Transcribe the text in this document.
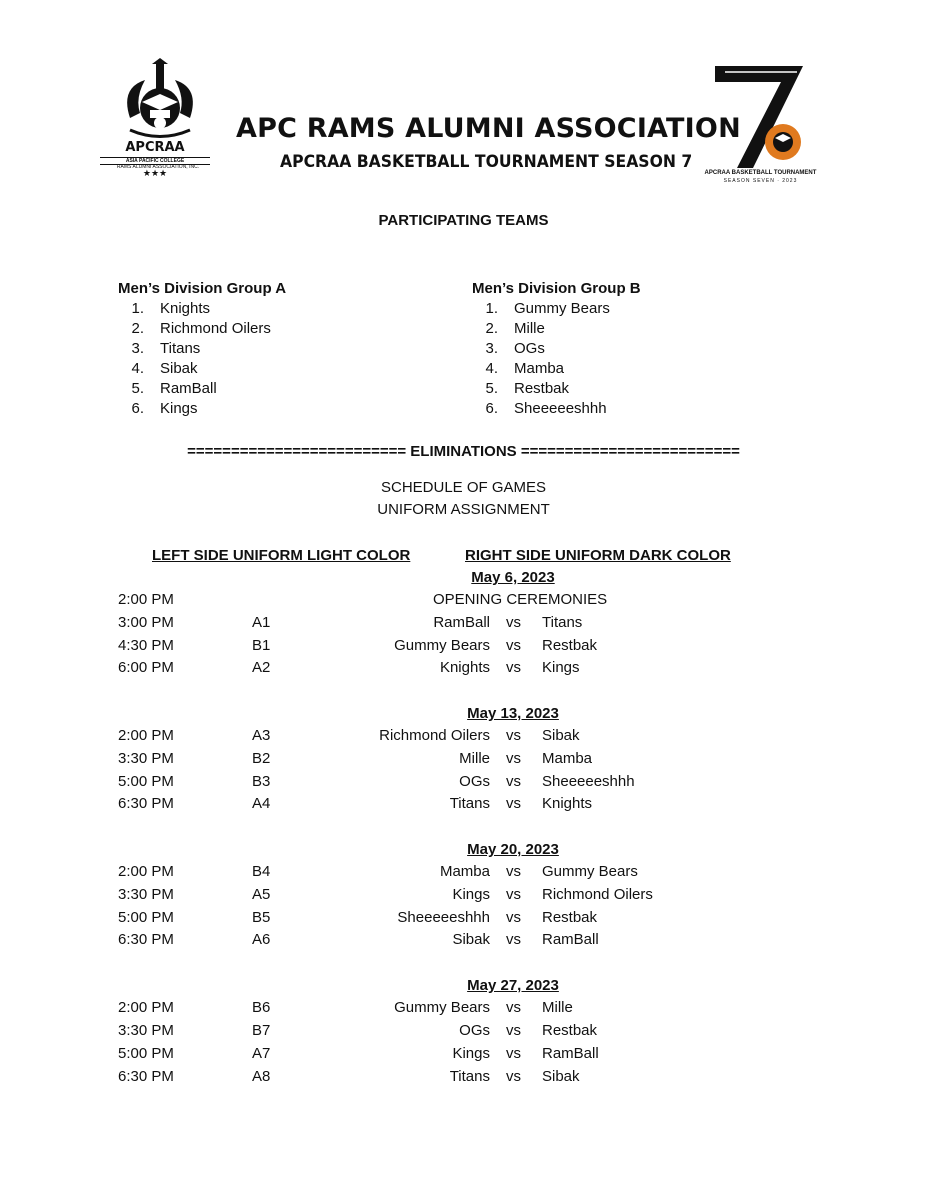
APCRAA
ASIA PACIFIC COLLEGE
RAMS ALUMNI ASSOCIATION, INC.
★★★
APC RAMS ALUMNI ASSOCIATION
APCRAA BASKETBALL TOURNAMENT SEASON 7
APCRAA BASKETBALL TOURNAMENT
SEASON SEVEN · 2023
PARTICIPATING TEAMS
Men’s Division Group A
1. Knights
2. Richmond Oilers
3. Titans
4. Sibak
5. RamBall
6. Kings
Men’s Division Group B
1. Gummy Bears
2. Mille
3. OGs
4. Mamba
5. Restbak
6. Sheeeeeshhh
========================= ELIMINATIONS =========================
SCHEDULE OF GAMES
UNIFORM ASSIGNMENT
LEFT SIDE UNIFORM LIGHT COLOR	RIGHT SIDE UNIFORM DARK COLOR
May 6, 2023
2:00 PM	OPENING CEREMONIES
3:00 PM	A1	RamBall vs Titans
4:30 PM	B1	Gummy Bears vs Restbak
6:00 PM	A2	Knights vs Kings
May 13, 2023
2:00 PM	A3	Richmond Oilers vs Sibak
3:30 PM	B2	Mille vs Mamba
5:00 PM	B3	OGs vs Sheeeeeshhh
6:30 PM	A4	Titans vs Knights
May 20, 2023
2:00 PM	B4	Mamba vs Gummy Bears
3:30 PM	A5	Kings vs Richmond Oilers
5:00 PM	B5	Sheeeeeshhh vs Restbak
6:30 PM	A6	Sibak vs RamBall
May 27, 2023
2:00 PM	B6	Gummy Bears vs Mille
3:30 PM	B7	OGs vs Restbak
5:00 PM	A7	Kings vs RamBall
6:30 PM	A8	Titans vs Sibak
